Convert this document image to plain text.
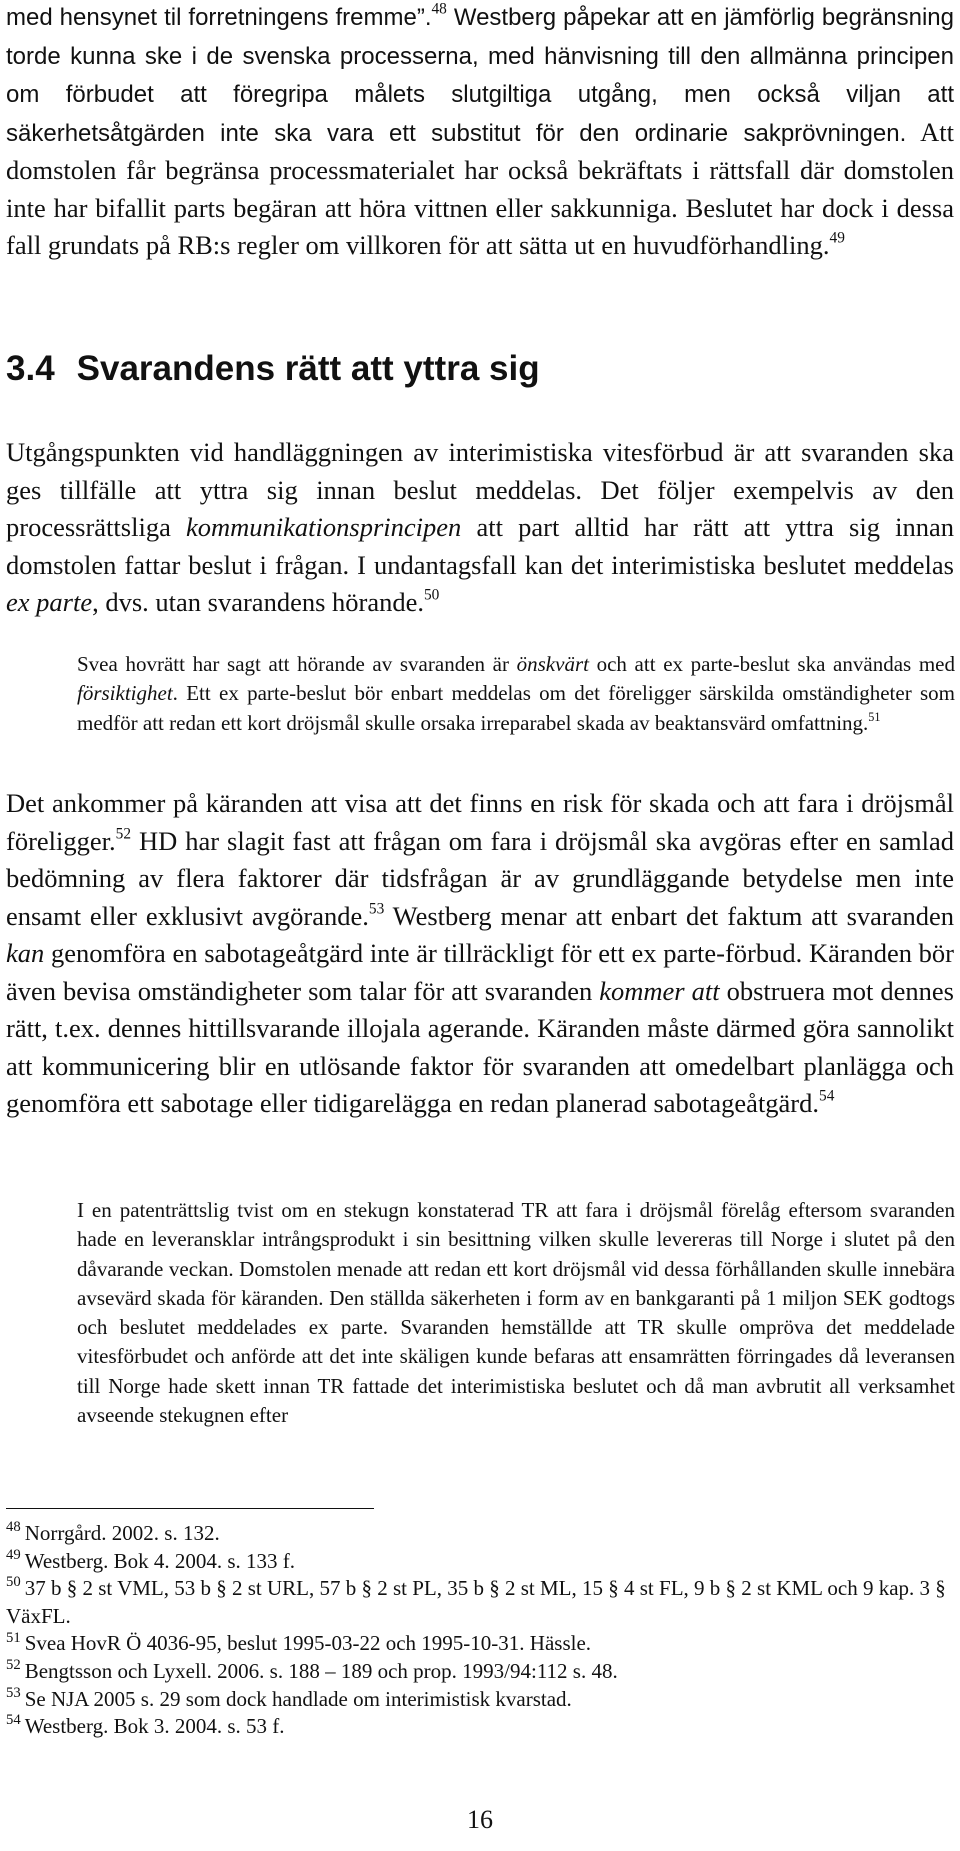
med hensynet til forretningens fremme”.$^{48}$ Westberg påpekar att en jämförlig begränsning torde kunna ske i de svenska processerna, med hänvisning till den allmänna principen om förbudet att föregripa målets slutgiltiga utgång, men också viljan att säkerhetsåtgärden inte ska vara ett substitut för den ordinarie sakprövningen. Att domstolen får begränsa processmaterialet har också bekräftats i rättsfall där domstolen inte har bifallit parts begäran att höra vittnen eller sakkunniga. Beslutet har dock i dessa fall grundats på RB:s regler om villkoren för att sätta ut en huvudförhandling.$^{49}$
3.4 Svarandens rätt att yttra sig
Utgångspunkten vid handläggningen av interimistiska vitesförbud är att svaranden ska ges tillfälle att yttra sig innan beslut meddelas. Det följer exempelvis av den processrättsliga kommunikationsprincipen att part alltid har rätt att yttra sig innan domstolen fattar beslut i frågan. I undantagsfall kan det interimistiska beslutet meddelas ex parte, dvs. utan svarandens hörande.$^{50}$
Svea hovrätt har sagt att hörande av svaranden är önskvärt och att ex parte-beslut ska användas med försiktighet. Ett ex parte-beslut bör enbart meddelas om det föreligger särskilda omständigheter som medför att redan ett kort dröjsmål skulle orsaka irreparabel skada av beaktansvärd omfattning.$^{51}$
Det ankommer på käranden att visa att det finns en risk för skada och att fara i dröjsmål föreligger.$^{52}$ HD har slagit fast att frågan om fara i dröjsmål ska avgöras efter en samlad bedömning av flera faktorer där tidsfrågan är av grundläggande betydelse men inte ensamt eller exklusivt avgörande.$^{53}$ Westberg menar att enbart det faktum att svaranden kan genomföra en sabotageåtgärd inte är tillräckligt för ett ex parte-förbud. Käranden bör även bevisa omständigheter som talar för att svaranden kommer att obstruera mot dennes rätt, t.ex. dennes hittillsvarande illojala agerande. Käranden måste därmed göra sannolikt att kommunicering blir en utlösande faktor för svaranden att omedelbart planlägga och genomföra ett sabotage eller tidigarelägga en redan planerad sabotageåtgärd.$^{54}$
I en patenträttslig tvist om en stekugn konstaterad TR att fara i dröjsmål förelåg eftersom svaranden hade en leveransklar intrångsprodukt i sin besittning vilken skulle levereras till Norge i slutet på den dåvarande veckan. Domstolen menade att redan ett kort dröjsmål vid dessa förhållanden skulle innebära avsevärd skada för käranden. Den ställda säkerheten i form av en bankgaranti på 1 miljon SEK godtogs och beslutet meddelades ex parte. Svaranden hemställde att TR skulle ompröva det meddelade vitesförbudet och anförde att det inte skäligen kunde befaras att ensamrätten förringades då leveransen till Norge hade skett innan TR fattade det interimistiska beslutet och då man avbrutit all verksamhet avseende stekugnen efter

$^{48}$ Norrgård. 2002. s. 132.

$^{49}$ Westberg. Bok 4. 2004. s. 133 f.

$^{50}$ 37 b § 2 st VML, 53 b § 2 st URL, 57 b § 2 st PL, 35 b § 2 st ML, 15 § 4 st FL, 9 b § 2 st KML och 9 kap. 3 § VäxFL.

$^{51}$ Svea HovR Ö 4036-95, beslut 1995-03-22 och 1995-10-31. Hässle.

$^{52}$ Bengtsson och Lyxell. 2006. s. 188 – 189 och prop. 1993/94:112 s. 48.

$^{53}$ Se NJA 2005 s. 29 som dock handlade om interimistisk kvarstad.

$^{54}$ Westberg. Bok 3. 2004. s. 53 f.

16
